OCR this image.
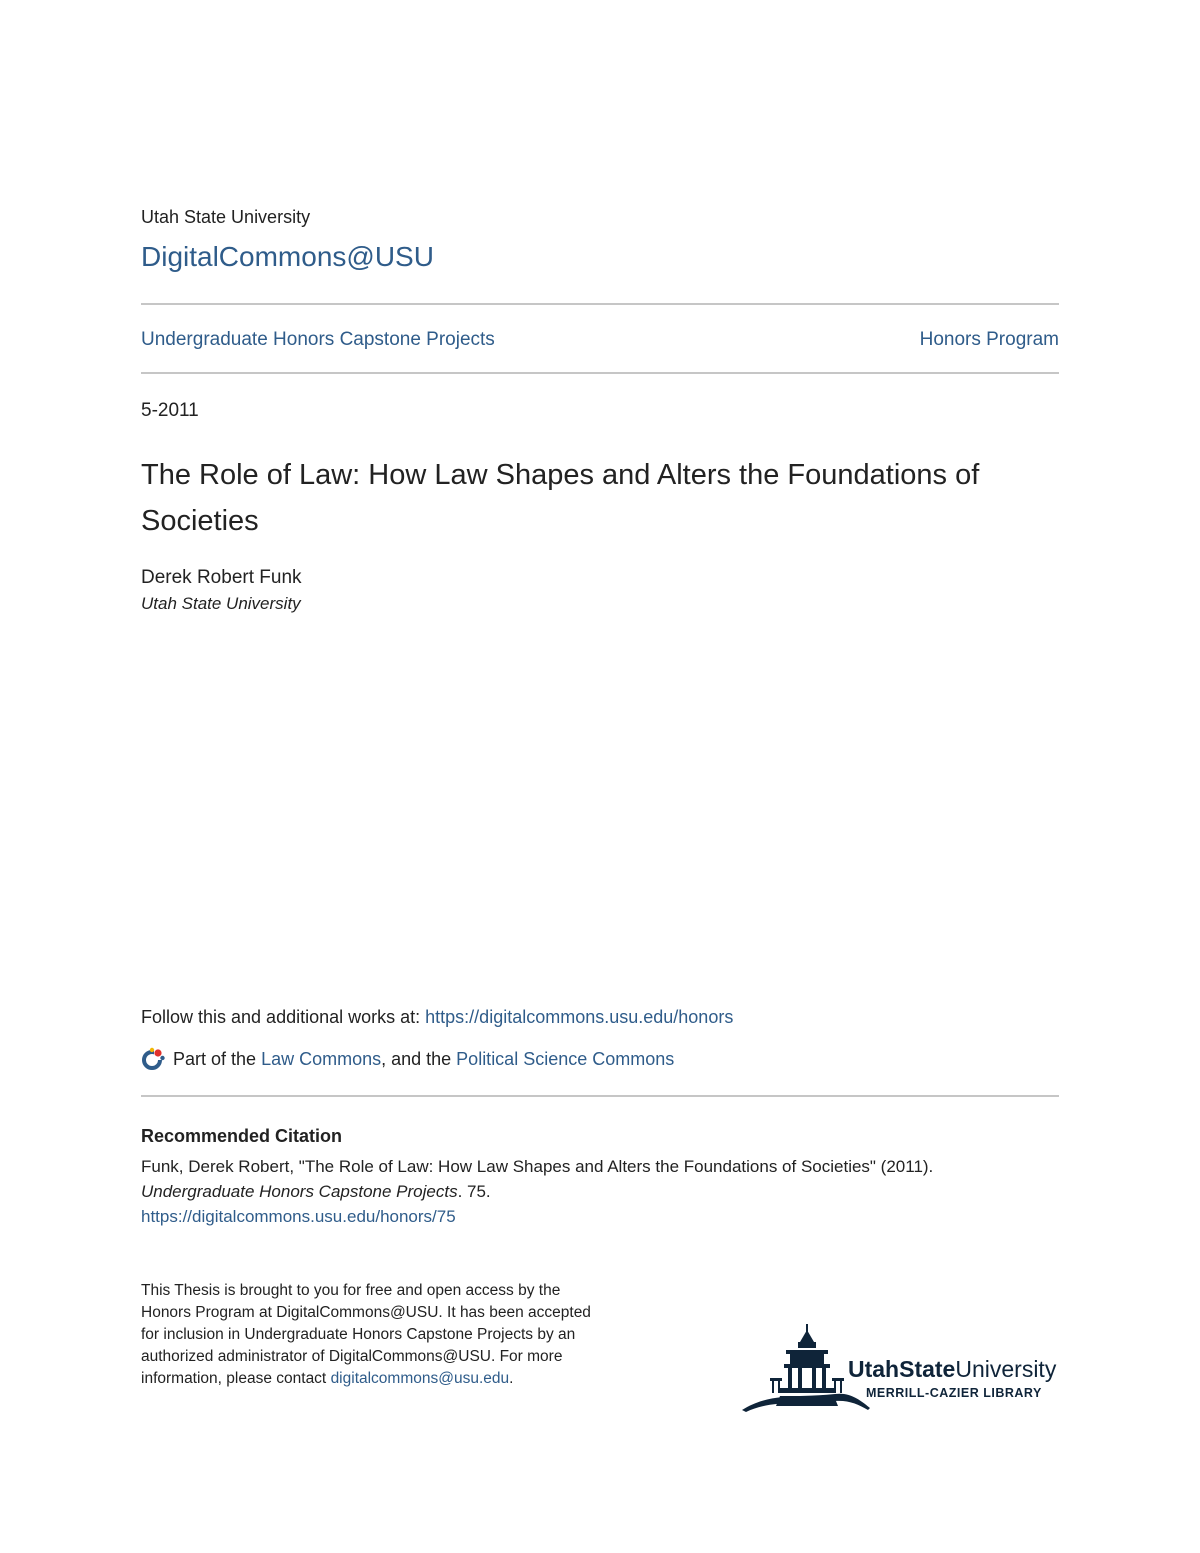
Utah State University
DigitalCommons@USU
Undergraduate Honors Capstone Projects	Honors Program
5-2011
The Role of Law: How Law Shapes and Alters the Foundations of Societies
Derek Robert Funk
Utah State University
Follow this and additional works at: https://digitalcommons.usu.edu/honors
Part of the Law Commons , and the Political Science Commons
Recommended Citation
Funk, Derek Robert, "The Role of Law: How Law Shapes and Alters the Foundations of Societies" (2011).
Undergraduate Honors Capstone Projects. 75.
https://digitalcommons.usu.edu/honors/75
This Thesis is brought to you for free and open access by the Honors Program at DigitalCommons@USU. It has been accepted for inclusion in Undergraduate Honors Capstone Projects by an authorized administrator of DigitalCommons@USU. For more information, please contact digitalcommons@usu.edu.	UtahStateUniversity
MERRILL-CAZIER LIBRARY
